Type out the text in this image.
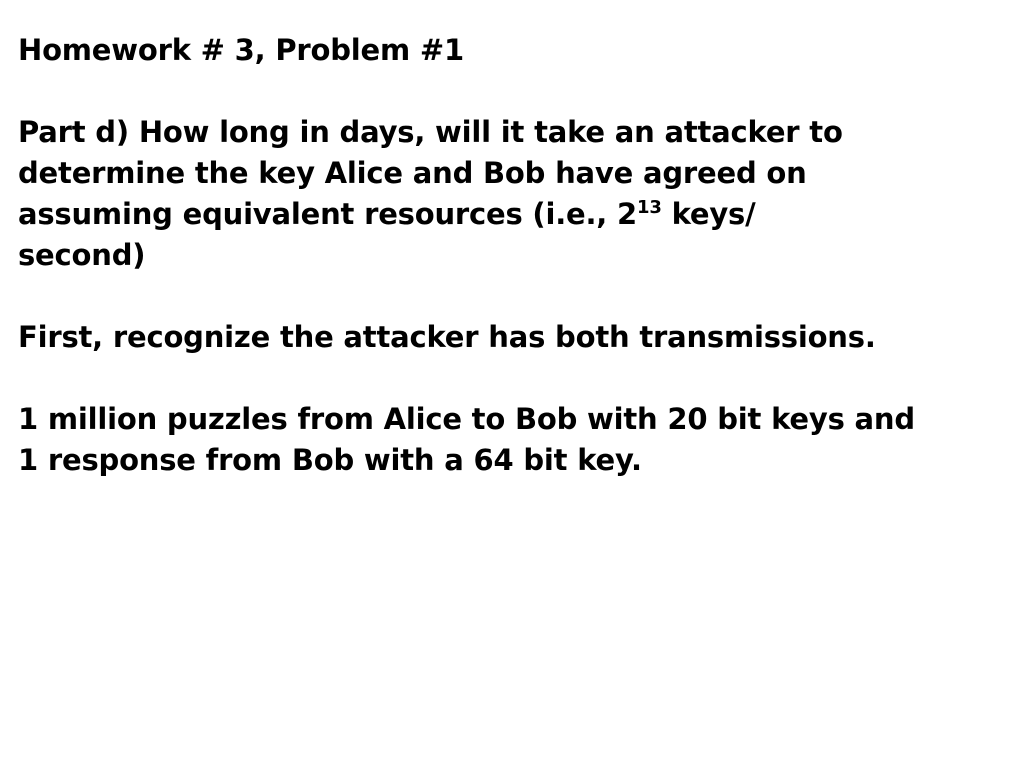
Homework # 3, Problem #1
Part d) How long in days, will it take an attacker to
determine the key Alice and Bob have agreed on
assuming equivalent resources (i.e., $2^{13}$ keys/
second)
First, recognize the attacker has both transmissions.
1 million puzzles from Alice to Bob with 20 bit keys and
1 response from Bob with a 64 bit key.
